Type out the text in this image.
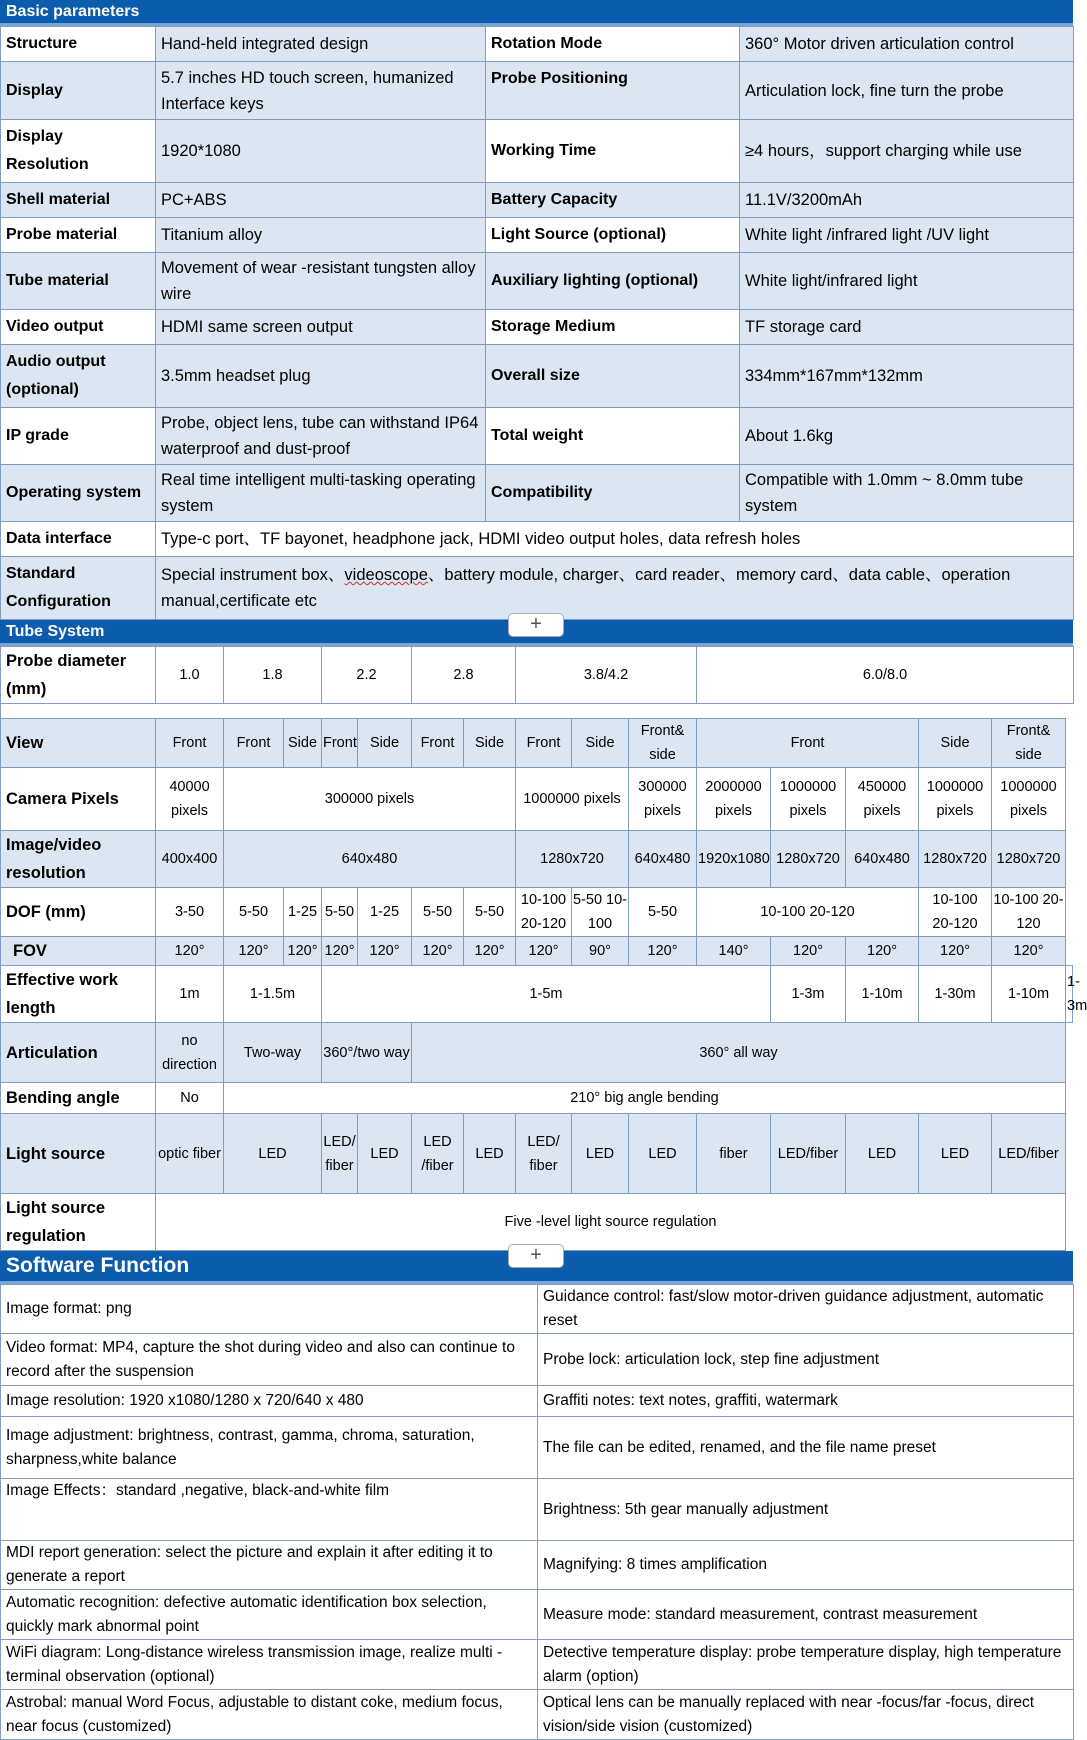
Basic parameters
Structure	Hand-held integrated design	Rotation Mode	360° Motor driven articulation control
Display	5.7 inches HD touch screen, humanized Interface keys	Probe Positioning	Articulation lock, fine turn the probe
Display Resolution	1920*1080	Working Time	≥4 hours，support charging while use
Shell material	PC+ABS	Battery Capacity	11.1V/3200mAh
Probe material	Titanium alloy	Light Source (optional)	White light /infrared light /UV light
Tube material	Movement of wear -resistant tungsten alloy wire	Auxiliary lighting (optional)	White light/infrared light
Video output	HDMI same screen output	Storage Medium	TF storage card
Audio output (optional)	3.5mm headset plug	Overall size	334mm*167mm*132mm
IP grade	Probe, object lens, tube can withstand IP64 waterproof and dust-proof	Total weight	About 1.6kg
Operating system	Real time intelligent multi-tasking operating system	Compatibility	Compatible with 1.0mm ~ 8.0mm tube system
Data interface	Type-c port、TF bayonet, headphone jack, HDMI video output holes, data refresh holes		
Standard Configuration	Special instrument box、videoscope、battery module, charger、card reader、memory card、data cable、operation manual,certificate etc		
Tube System	+
Probe diameter (mm)	1.0	1.8	2.2	2.8	3.8/4.2	6.0/8.0
View	Front	Front	Side	Front	Side	Front	Side	Front	Side	Front& side	Front			Side	Front& side	
Camera Pixels	40000 pixels	300000 pixels						1000000 pixels		300000 pixels	2000000 pixels	1000000 pixels	450000 pixels	1000000 pixels	1000000 pixels	
Image/video resolution	400x400	640x480						1280x720		640x480	1920x1080	1280x720	640x480	1280x720	1280x720	
DOF (mm)	3-50	5-50	1-25	5-50	1-25	5-50	5-50	10-100 20-120	5-50 10-100	5-50	10-100 20-120			10-100 20-120	10-100 20-120	
FOV	120°	120°	120°	120°	120°	120°	120°	120°	90°	120°	140°	120°	120°	120°	120°	
Effective work length	1m	1-1.5m		1-5m								1-3m	1-10m	1-30m	1-10m	1-3m
Articulation	no direction	Two-way		360°/two way		360° all way										
Bending angle	No	210° big angle bending														
Light source	optic fiber	LED		LED/ fiber	LED	LED /fiber	LED	LED/ fiber	LED	LED	fiber	LED/fiber	LED	LED	LED/fiber	
Light source regulation	Five -level light source regulation															
Software Function	+
Image format: png	Guidance control: fast/slow motor-driven guidance adjustment, automatic reset
Video format: MP4, capture the shot during video and also can continue to record after the suspension	Probe lock: articulation lock, step fine adjustment
Image resolution: 1920 x1080/1280 x 720/640 x 480	Graffiti notes: text notes, graffiti, watermark
Image adjustment: brightness, contrast, gamma, chroma, saturation, sharpness,white balance	The file can be edited, renamed, and the file name preset
Image Effects：standard ,negative, black-and-white film	Brightness: 5th gear manually adjustment
MDI report generation: select the picture and explain it after editing it to generate a report	Magnifying: 8 times amplification
Automatic recognition: defective automatic identification box selection, quickly mark abnormal point	Measure mode: standard measurement, contrast measurement
WiFi diagram: Long-distance wireless transmission image, realize multi -terminal observation (optional)	Detective temperature display: probe temperature display, high temperature alarm (option)
Astrobal: manual Word Focus, adjustable to distant coke, medium focus, near focus (customized)	Optical lens can be manually replaced with near -focus/far -focus, direct vision/side vision (customized)
